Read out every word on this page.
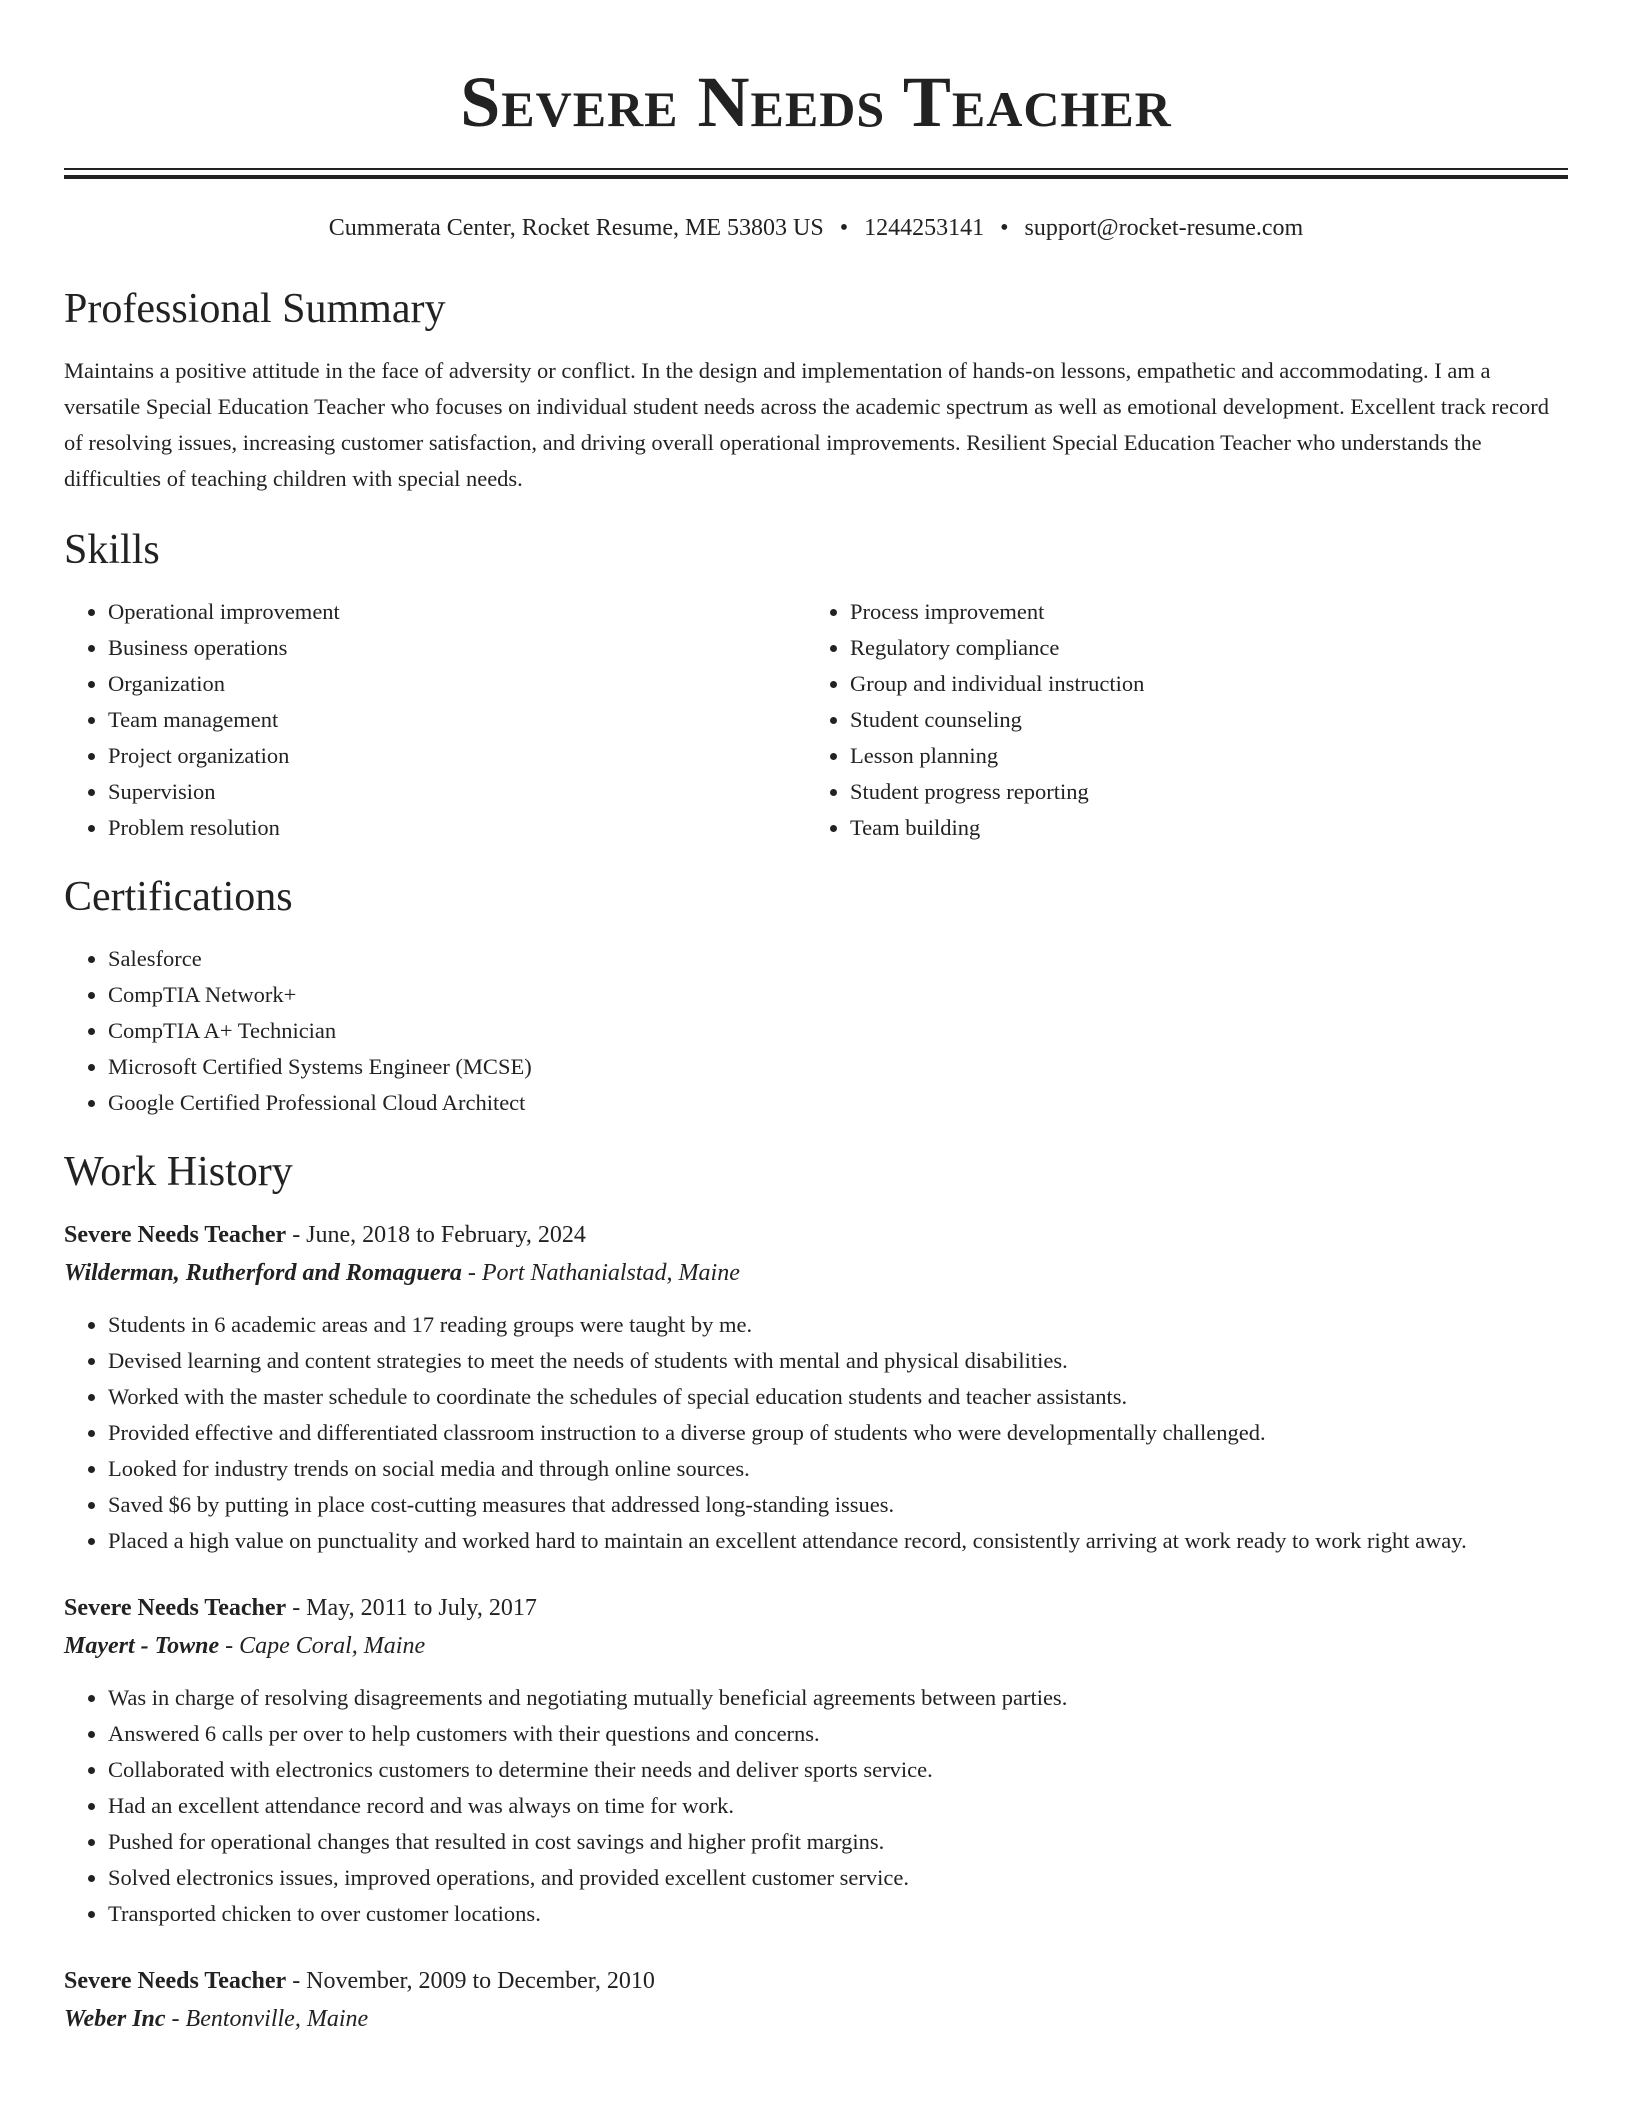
Severe Needs Teacher
Cummerata Center, Rocket Resume, ME 53803 US • 1244253141 • support@rocket-resume.com
Professional Summary

Maintains a positive attitude in the face of adversity or conflict. In the design and implementation of hands-on lessons, empathetic and accommodating. I am a versatile Special Education Teacher who focuses on individual student needs across the academic spectrum as well as emotional development. Excellent track record of resolving issues, increasing customer satisfaction, and driving overall operational improvements. Resilient Special Education Teacher who understands the difficulties of teaching children with special needs.

Skills
• Operational improvement
• Business operations
• Organization
• Team management
• Project organization
• Supervision
• Problem resolution
• Process improvement
• Regulatory compliance
• Group and individual instruction
• Student counseling
• Lesson planning
• Student progress reporting
• Team building
Certifications
• Salesforce
• CompTIA Network+
• CompTIA A+ Technician
• Microsoft Certified Systems Engineer (MCSE)
• Google Certified Professional Cloud Architect
Work History
Severe Needs Teacher - June, 2018 to February, 2024
Wilderman, Rutherford and Romaguera - Port Nathanialstad, Maine
• Students in 6 academic areas and 17 reading groups were taught by me.
• Devised learning and content strategies to meet the needs of students with mental and physical disabilities.
• Worked with the master schedule to coordinate the schedules of special education students and teacher assistants.
• Provided effective and differentiated classroom instruction to a diverse group of students who were developmentally challenged.
• Looked for industry trends on social media and through online sources.
• Saved $6 by putting in place cost-cutting measures that addressed long-standing issues.
• Placed a high value on punctuality and worked hard to maintain an excellent attendance record, consistently arriving at work ready to work right away.
Severe Needs Teacher - May, 2011 to July, 2017
Mayert - Towne - Cape Coral, Maine
• Was in charge of resolving disagreements and negotiating mutually beneficial agreements between parties.
• Answered 6 calls per over to help customers with their questions and concerns.
• Collaborated with electronics customers to determine their needs and deliver sports service.
• Had an excellent attendance record and was always on time for work.
• Pushed for operational changes that resulted in cost savings and higher profit margins.
• Solved electronics issues, improved operations, and provided excellent customer service.
• Transported chicken to over customer locations.
Severe Needs Teacher - November, 2009 to December, 2010
Weber Inc - Bentonville, Maine
